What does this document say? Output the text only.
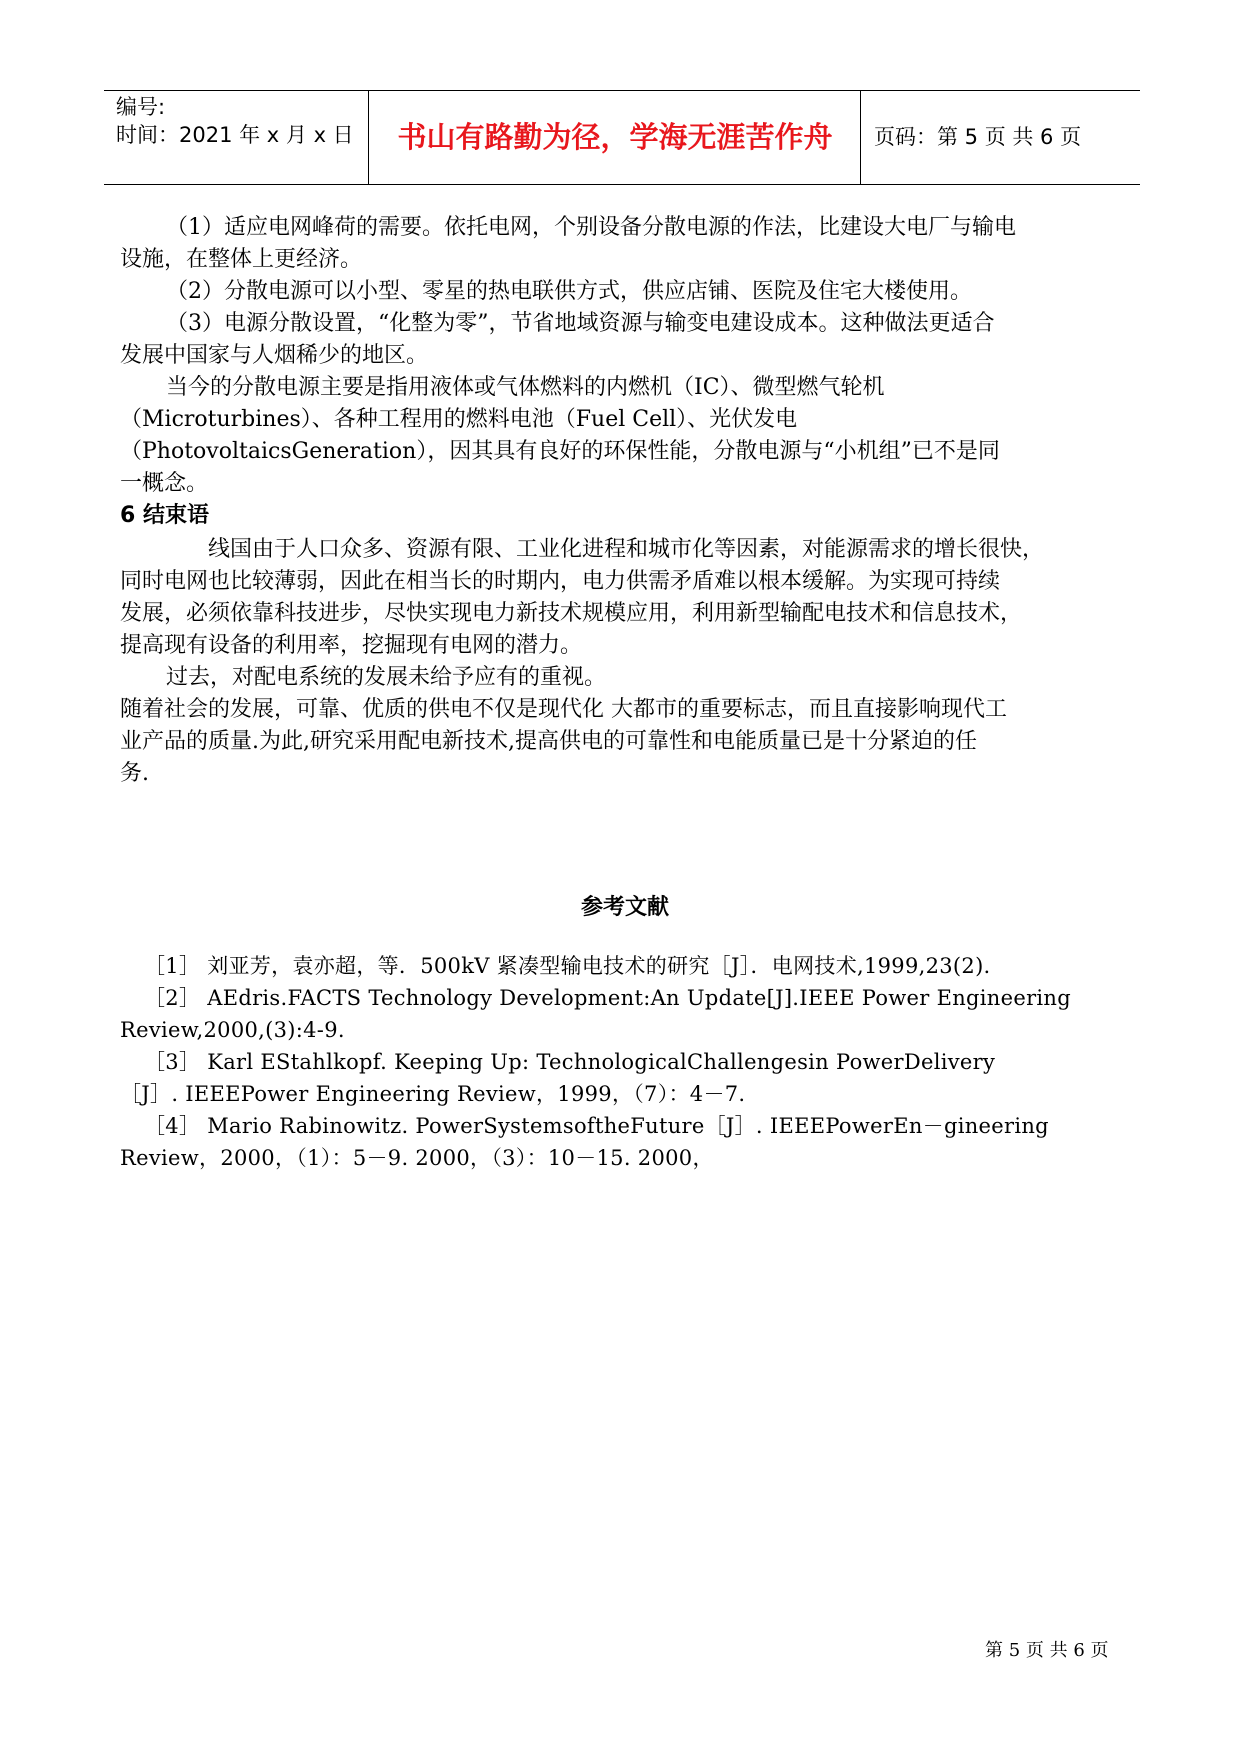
编号:
时间：2021 年 x 月 x 日	书山有路勤为径，学海无涯苦作舟	页码：第 5 页 共 6 页
（1）适应电网峰荷的需要。依托电网，个别设备分散电源的作法，比建设大电厂与输电
设施，在整体上更经济。
（2）分散电源可以小型、零星的热电联供方式，供应店铺、医院及住宅大楼使用。
（3）电源分散设置，“化整为零”，节省地域资源与输变电建设成本。这种做法更适合
发展中国家与人烟稀少的地区。
当今的分散电源主要是指用液体或气体燃料的内燃机（IC）、微型燃气轮机
（Microturbines）、各种工程用的燃料电池（Fuel Cell）、光伏发电
（PhotovoltaicsGeneration），因其具有良好的环保性能，分散电源与“小机组”已不是同
一概念。
6 结束语
线国由于人口众多、资源有限、工业化进程和城市化等因素，对能源需求的增长很快，
同时电网也比较薄弱，因此在相当长的时期内，电力供需矛盾难以根本缓解。为实现可持续
发展，必须依靠科技进步，尽快实现电力新技术规模应用，利用新型输配电技术和信息技术，
提高现有设备的利用率，挖掘现有电网的潜力。
过去，对配电系统的发展未给予应有的重视。
随着社会的发展，可靠、优质的供电不仅是现代化 大都市的重要标志，而且直接影响现代工
业产品的质量.为此,研究采用配电新技术,提高供电的可靠性和电能质量已是十分紧迫的任
务.
参考文献
［1］ 刘亚芳，袁亦超，等．500kV 紧凑型输电技术的研究［J］．电网技术,1999,23(2).
［2］ AEdris.FACTS Technology Development:An Update[J].IEEE Power Engineering
Review,2000,(3):4-9.
［3］ Karl EStahlkopf. Keeping Up: TechnologicalChallengesin PowerDelivery
［J］. IEEEPower Engineering Review，1999，（7）：4－7.
［4］ Mario Rabinowitz. PowerSystemsoftheFuture［J］. IEEEPowerEn－gineering
Review，2000，（1）：5－9. 2000，（3）：10－15. 2000，
第 5 页 共 6 页
